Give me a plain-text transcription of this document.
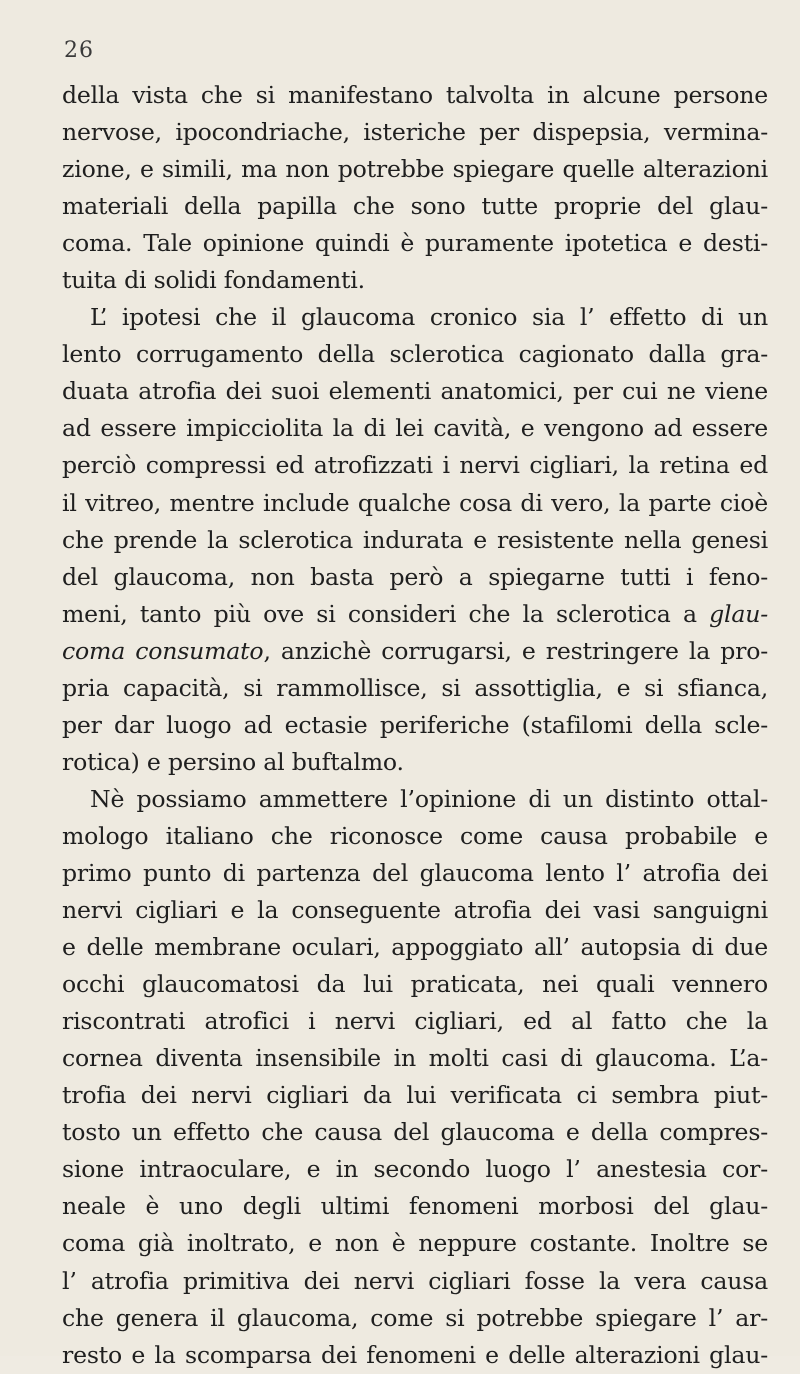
26
della vista che si manifestano talvolta in alcune persone
nervose, ipocondriache, isteriche per dispepsia, vermina-
zione, e simili, ma non potrebbe spiegare quelle alterazioni
materiali della papilla che sono tutte proprie del glau-
coma. Tale opinione quindi è puramente ipotetica e desti-
tuita di solidi fondamenti.
L’ ipotesi che il glaucoma cronico sia l’ effetto di un
lento corrugamento della sclerotica cagionato dalla gra-
duata atrofia dei suoi elementi anatomici, per cui ne viene
ad essere impicciolita la di lei cavità, e vengono ad essere
perciò compressi ed atrofizzati i nervi cigliari, la retina ed
il vitreo, mentre include qualche cosa di vero, la parte cioè
che prende la sclerotica indurata e resistente nella genesi
del glaucoma, non basta però a spiegarne tutti i feno-
meni, tanto più ove si consideri che la sclerotica a glau-
coma consumato, anzichè corrugarsi, e restringere la pro-
pria capacità, si rammollisce, si assottiglia, e si sfianca,
per dar luogo ad ectasie periferiche (stafilomi della scle-
rotica) e persino al buftalmo.
Nè possiamo ammettere l’opinione di un distinto ottal-
mologo italiano che riconosce come causa probabile e
primo punto di partenza del glaucoma lento l’ atrofia dei
nervi cigliari e la conseguente atrofia dei vasi sanguigni
e delle membrane oculari, appoggiato all’ autopsia di due
occhi glaucomatosi da lui praticata, nei quali vennero
riscontrati atrofici i nervi cigliari, ed al fatto che la
cornea diventa insensibile in molti casi di glaucoma. L’a-
trofia dei nervi cigliari da lui verificata ci sembra piut-
tosto un effetto che causa del glaucoma e della compres-
sione intraoculare, e in secondo luogo l’ anestesia cor-
neale è uno degli ultimi fenomeni morbosi del glau-
coma già inoltrato, e non è neppure costante. Inoltre se
l’ atrofia primitiva dei nervi cigliari fosse la vera causa
che genera il glaucoma, come si potrebbe spiegare l’ ar-
resto e la scomparsa dei fenomeni e delle alterazioni glau-
